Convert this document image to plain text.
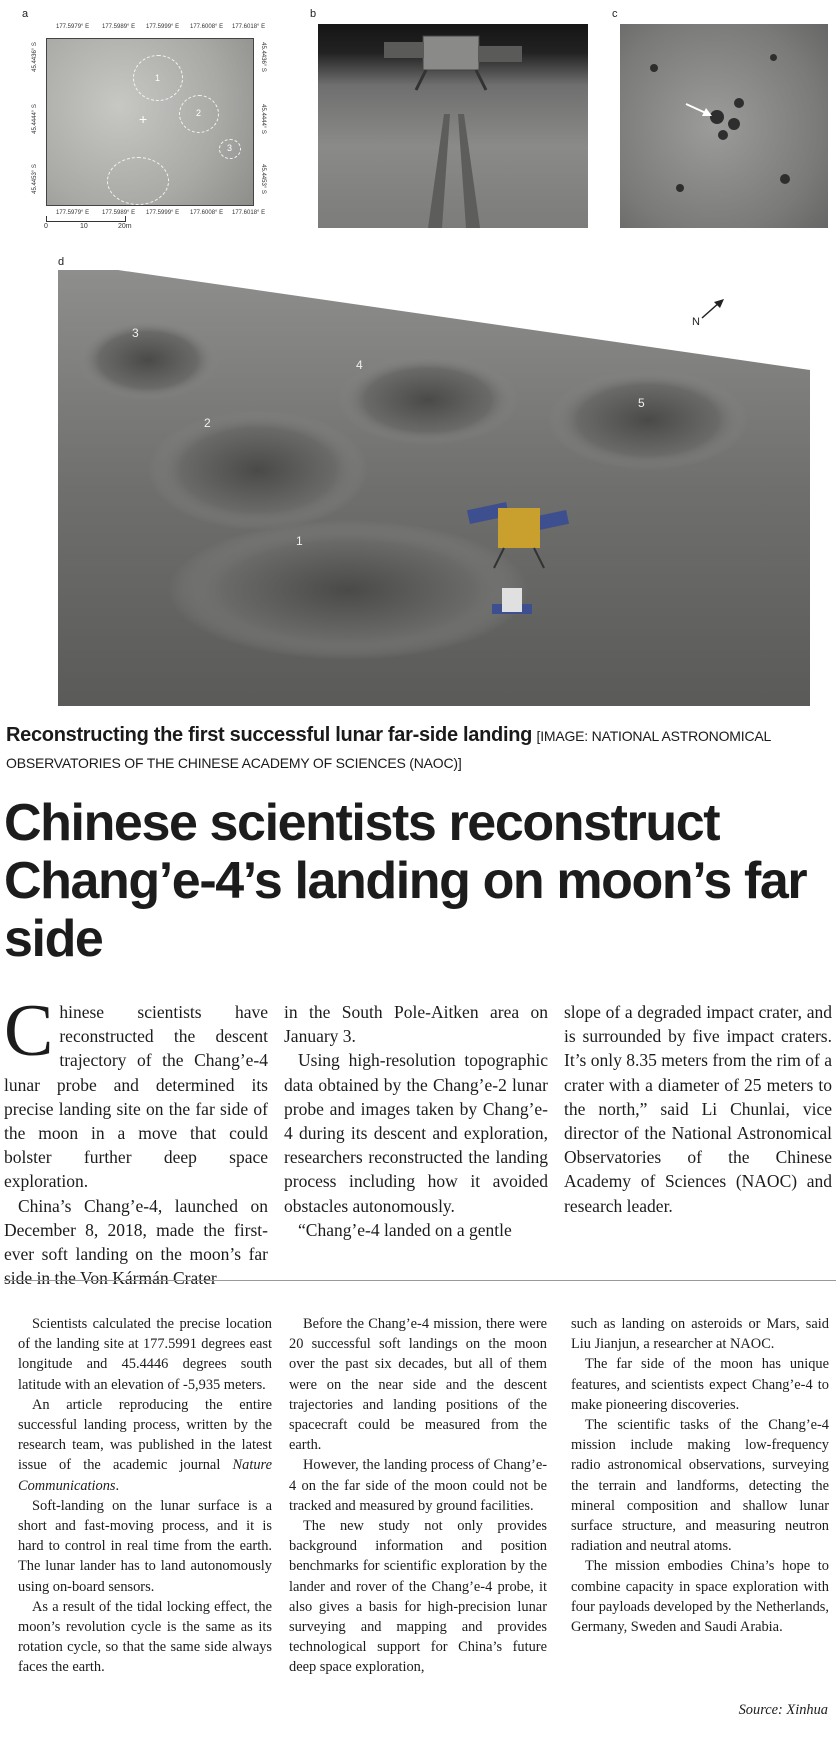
a
177.5979° E 177.5989° E 177.5999° E 177.6008° E 177.6018° E
177.5979° E 177.5989° E 177.5999° E 177.6008° E 177.6018° E
45.4436° S
45.4444° S
45.4453° S
45.4436° S
45.4444° S
45.4453° S
1
2
3
+
0	10	20m
b	c
d
1
2
3
4
5
N
Reconstructing the first successful lunar far-side landing [IMAGE: NATIONAL ASTRONOMICAL OBSERVATORIES OF THE CHINESE ACADEMY OF SCIENCES (NAOC)]
Chinese scientists reconstruct Chang’e-4’s landing on moon’s far side

Chinese scientists have reconstructed the descent trajectory of the Chang’e-4 lunar probe and determined its precise landing site on the far side of the moon in a move that could bolster further deep space exploration.

China’s Chang’e-4, launched on December 8, 2018, made the first-ever soft landing on the moon’s far side in the Von Kármán Crater

in the South Pole-Aitken area on January 3.

Using high-resolution topographic data obtained by the Chang’e-2 lunar probe and images taken by Chang’e-4 during its descent and exploration, researchers reconstructed the landing process including how it avoided obstacles autonomously.

“Chang’e-4 landed on a gentle

slope of a degraded impact crater, and is surrounded by five impact craters. It’s only 8.35 meters from the rim of a crater with a diameter of 25 meters to the north,” said Li Chunlai, vice director of the National Astronomical Observatories of the Chinese Academy of Sciences (NAOC) and research leader.

Scientists calculated the precise location of the landing site at 177.5991 degrees east longitude and 45.4446 degrees south latitude with an elevation of -5,935 meters.

An article reproducing the entire successful landing process, written by the research team, was published in the latest issue of the academic journal Nature Communications.

Soft-landing on the lunar surface is a short and fast-moving process, and it is hard to control in real time from the earth. The lunar lander has to land autonomously using on-board sensors.

As a result of the tidal locking effect, the moon’s revolution cycle is the same as its rotation cycle, so that the same side always faces the earth.

Before the Chang’e-4 mission, there were 20 successful soft landings on the moon over the past six decades, but all of them were on the near side and the descent trajectories and landing positions of the spacecraft could be measured from the earth.

However, the landing process of Chang’e-4 on the far side of the moon could not be tracked and measured by ground facilities.

The new study not only provides background information and position benchmarks for scientific exploration by the lander and rover of the Chang’e-4 probe, it also gives a basis for high-precision lunar surveying and mapping and provides technological support for China’s future deep space exploration,

such as landing on asteroids or Mars, said Liu Jianjun, a researcher at NAOC.

The far side of the moon has unique features, and scientists expect Chang’e-4 to make pioneering discoveries.

The scientific tasks of the Chang’e-4 mission include making low-frequency radio astronomical observations, surveying the terrain and landforms, detecting the mineral composition and shallow lunar surface structure, and measuring neutron radiation and neutral atoms.

The mission embodies China’s hope to combine capacity in space exploration with four payloads developed by the Netherlands, Germany, Sweden and Saudi Arabia.

Source: Xinhua
